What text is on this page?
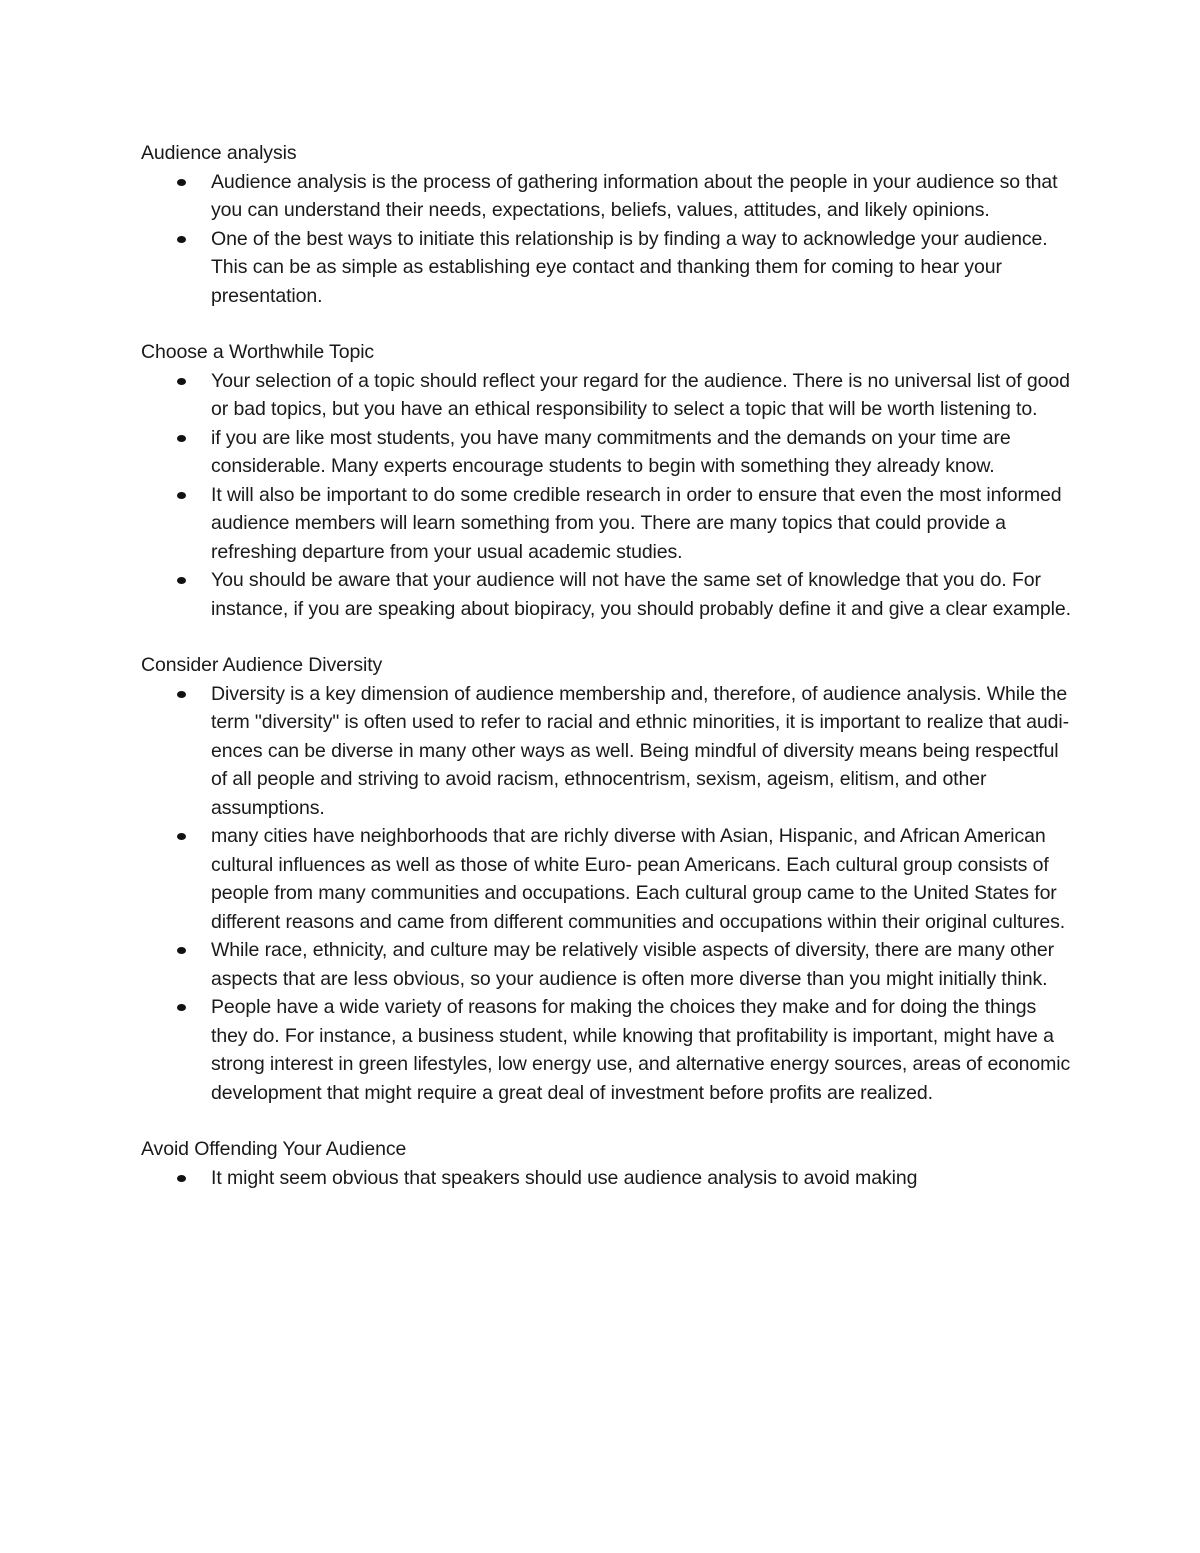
Audience analysis

Audience analysis is the process of gathering information about the people in your audience so that you can understand their needs, expectations, beliefs, values, attitudes, and likely opinions.
One of the best ways to initiate this relationship is by finding a way to acknowledge your audience. This can be as simple as establishing eye contact and thanking them for coming to hear your presentation.

Choose a Worthwhile Topic

Your selection of a topic should reflect your regard for the audience. There is no universal list of good or bad topics, but you have an ethical responsibility to select a topic that will be worth listening to.
if you are like most students, you have many commitments and the demands on your time are considerable. Many experts encourage students to begin with something they already know.
It will also be important to do some credible research in order to ensure that even the most informed audience members will learn something from you. There are many topics that could provide a refreshing departure from your usual academic studies.
You should be aware that your audience will not have the same set of knowledge that you do. For instance, if you are speaking about biopiracy, you should probably define it and give a clear example.

Consider Audience Diversity

Diversity is a key dimension of audience membership and, therefore, of audience analysis. While the term "diversity" is often used to refer to racial and ethnic minorities, it is important to realize that audi- ences can be diverse in many other ways as well. Being mindful of diversity means being respectful of all people and striving to avoid racism, ethnocentrism, sexism, ageism, elitism, and other assumptions.
many cities have neighborhoods that are richly diverse with Asian, Hispanic, and African American cultural influences as well as those of white Euro- pean Americans. Each cultural group consists of people from many communities and occupations. Each cultural group came to the United States for different reasons and came from different communities and occupations within their original cultures.
While race, ethnicity, and culture may be relatively visible aspects of diversity, there are many other aspects that are less obvious, so your audience is often more diverse than you might initially think.
People have a wide variety of reasons for making the choices they make and for doing the things they do. For instance, a business student, while knowing that profitability is important, might have a strong interest in green lifestyles, low energy use, and alternative energy sources, areas of economic development that might require a great deal of investment before profits are realized.

Avoid Offending Your Audience

It might seem obvious that speakers should use audience analysis to avoid making
